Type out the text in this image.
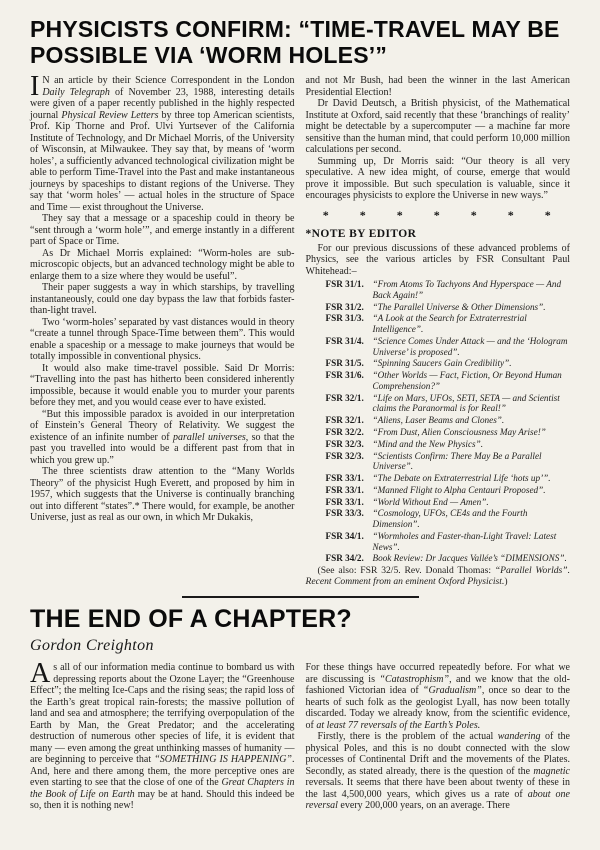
PHYSICISTS CONFIRM: “TIME-TRAVEL MAY BE POSSIBLE VIA ‘WORM HOLES’”

I N an article by their Science Correspondent in the London Daily Telegraph of November 23, 1988, interesting details were given of a paper recently published in the highly respected journal Physical Review Letters by three top American scientists, Prof. Kip Thorne and Prof. Ulvi Yurtsever of the California Institute of Technology, and Dr Michael Morris, of the University of Wisconsin, at Milwaukee. They say that, by means of ‘worm holes’, a sufficiently advanced technological civilization might be able to perform Time-Travel into the Past and make instantaneous journeys by spaceships to distant regions of the Universe. They say that ‘worm holes’ — actual holes in the structure of Space and Time — exist throughout the Universe.

They say that a message or a spaceship could in theory be “sent through a ‘worm hole’”, and emerge instantly in a different part of Space or Time.

As Dr Michael Morris explained: “Worm-holes are sub-microscopic objects, but an advanced technology might be able to enlarge them to a size where they would be useful”.

Their paper suggests a way in which starships, by travelling instantaneously, could one day bypass the law that forbids faster-than-light travel.

Two ‘worm-holes’ separated by vast distances would in theory “create a tunnel through Space-Time between them”. This would enable a spaceship or a message to make journeys that would be totally impossible in conventional physics.

It would also make time-travel possible. Said Dr Morris: “Travelling into the past has hitherto been considered inherently impossible, because it would enable you to murder your parents before they met, and you would cease ever to have existed.

“But this impossible paradox is avoided in our interpretation of Einstein’s General Theory of Relativity. We suggest the existence of an infinite number of parallel universes, so that the past you travelled into would be a different past from that in which you grew up.”

The three scientists draw attention to the “Many Worlds Theory” of the physicist Hugh Everett, and proposed by him in 1957, which suggests that the Universe is continually branching out into different “states”.* There would, for example, be another Universe, just as real as our own, in which Mr Dukakis,

and not Mr Bush, had been the winner in the last American Presidential Election!

Dr David Deutsch, a British physicist, of the Mathematical Institute at Oxford, said recently that these ‘branchings of reality’ might be detectable by a supercomputer — a machine far more sensitive than the human mind, that could perform 10,000 million calculations per second.

Summing up, Dr Morris said: “Our theory is all very speculative. A new idea might, of course, emerge that would prove it impossible. But such speculation is valuable, since it encourages physicists to explore the Universe in new ways.”

* * * * * * *
*NOTE BY EDITOR

For our previous discussions of these advanced problems of Physics, see the various articles by FSR Consultant Paul Whitehead:–

FSR 31/1. “From Atoms To Tachyons And Hyperspace — And Back Again!”
FSR 31/2. “The Parallel Universe & Other Dimensions”.
FSR 31/3. “A Look at the Search for Extraterrestrial Intelligence”.
FSR 31/4. “Science Comes Under Attack — and the ‘Hologram Universe’ is proposed”.
FSR 31/5. “Spinning Saucers Gain Credibility”.
FSR 31/6. “Other Worlds — Fact, Fiction, Or Beyond Human Comprehension?”
FSR 32/1. “Life on Mars, UFOs, SETI, SETA — and Scientist claims the Paranormal is for Real!”
FSR 32/1. “Aliens, Laser Beams and Clones”.
FSR 32/2. “From Dust, Alien Consciousness May Arise!”
FSR 32/3. “Mind and the New Physics”.
FSR 32/3. “Scientists Confirm: There May Be a Parallel Universe”.
FSR 33/1. “The Debate on Extraterrestrial Life ‘hots up’”.
FSR 33/1. “Manned Flight to Alpha Centauri Proposed”.
FSR 33/1. “World Without End — Amen”.
FSR 33/3. “Cosmology, UFOs, CE4s and the Fourth Dimension”.
FSR 34/1. “Wormholes and Faster-than-Light Travel: Latest News”.
FSR 34/2. Book Review: Dr Jacques Vallée’s “DIMENSIONS”.

(See also: FSR 32/5. Rev. Donald Thomas: “Parallel Worlds”. Recent Comment from an eminent Oxford Physicist.)

THE END OF A CHAPTER?
Gordon Creighton

As all of our information media continue to bombard us with depressing reports about the Ozone Layer; the “Greenhouse Effect”; the melting Ice-Caps and the rising seas; the rapid loss of the Earth’s great tropical rain-forests; the massive pollution of land and sea and atmosphere; the terrifying overpopulation of the Earth by Man, the Great Predator; and the accelerating destruction of numerous other species of life, it is evident that many — even among the great unthinking masses of humanity — are beginning to perceive that “SOMETHING IS HAPPENING”. And, here and there among them, the more perceptive ones are even starting to see that the close of one of the Great Chapters in the Book of Life on Earth may be at hand. Should this indeed be so, then it is nothing new!

For these things have occurred repeatedly before. For what we are discussing is “Catastrophism”, and we know that the old-fashioned Victorian idea of “Gradualism”, once so dear to the hearts of such folk as the geologist Lyall, has now been totally discarded. Today we already know, from the scientific evidence, of at least 77 reversals of the Earth’s Poles.

Firstly, there is the problem of the actual wandering of the physical Poles, and this is no doubt connected with the slow processes of Continental Drift and the movements of the Plates. Secondly, as stated already, there is the question of the magnetic reversals. It seems that there have been about twenty of these in the last 4,500,000 years, which gives us a rate of about one reversal every 200,000 years, on an average. There
